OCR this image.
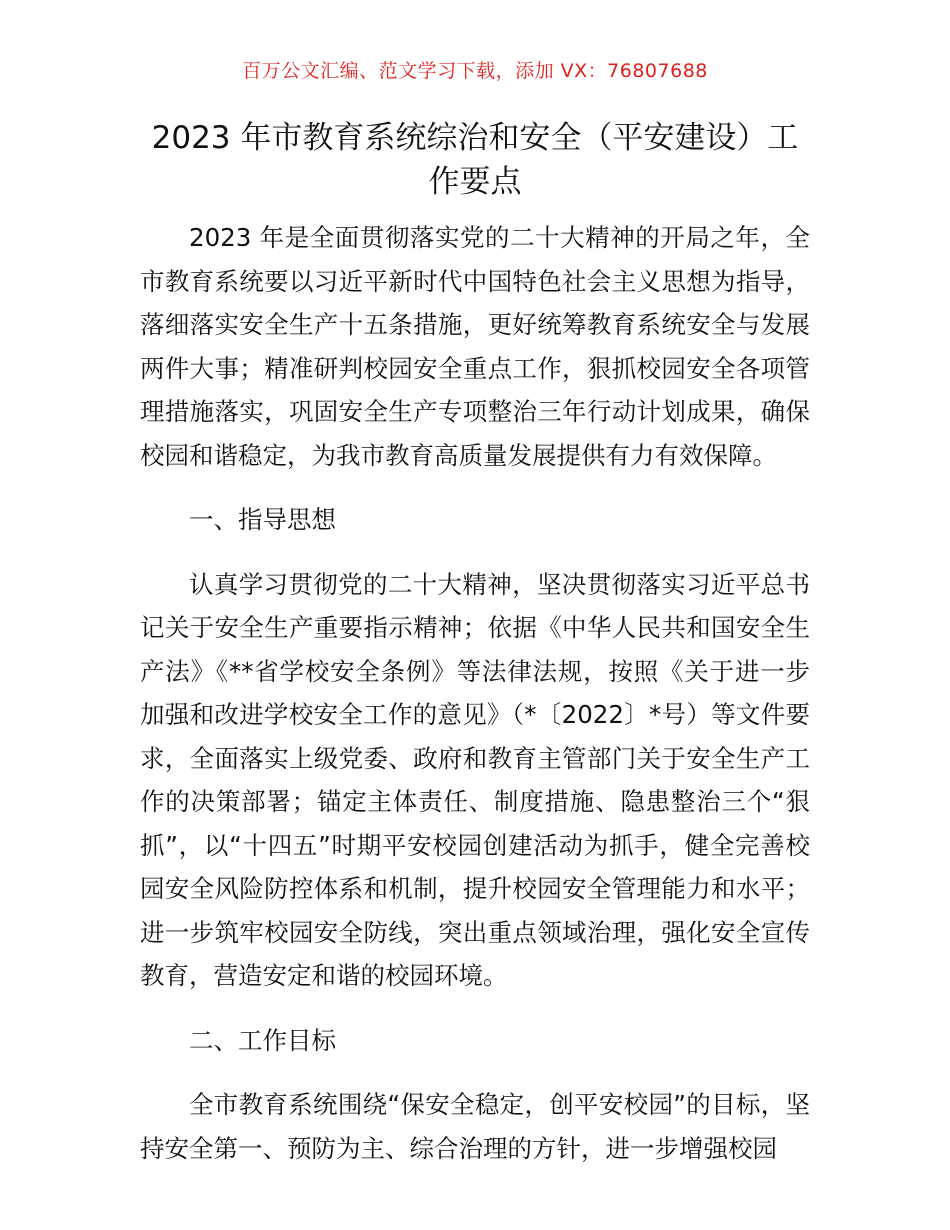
百万公文汇编、范文学习下载，添加 VX：76807688
2023 年市教育系统综治和安全（平安建设）工作要点

2023 年是全面贯彻落实党的二十大精神的开局之年，全市教育系统要以习近平新时代中国特色社会主义思想为指导，落细落实安全生产十五条措施，更好统筹教育系统安全与发展两件大事；精准研判校园安全重点工作，狠抓校园安全各项管理措施落实，巩固安全生产专项整治三年行动计划成果，确保校园和谐稳定，为我市教育高质量发展提供有力有效保障。

一、指导思想

认真学习贯彻党的二十大精神，坚决贯彻落实习近平总书记关于安全生产重要指示精神；依据《中华人民共和国安全生产法》《**省学校安全条例》等法律法规，按照《关于进一步加强和改进学校安全工作的意见》（*〔2022〕*号）等文件要求，全面落实上级党委、政府和教育主管部门关于安全生产工作的决策部署；锚定主体责任、制度措施、隐患整治三个“狠抓”，以“十四五”时期平安校园创建活动为抓手，健全完善校园安全风险防控体系和机制，提升校园安全管理能力和水平；进一步筑牢校园安全防线，突出重点领域治理，强化安全宣传教育，营造安定和谐的校园环境。

二、工作目标

全市教育系统围绕“保安全稳定，创平安校园”的目标，坚持安全第一、预防为主、综合治理的方针，进一步增强校园
